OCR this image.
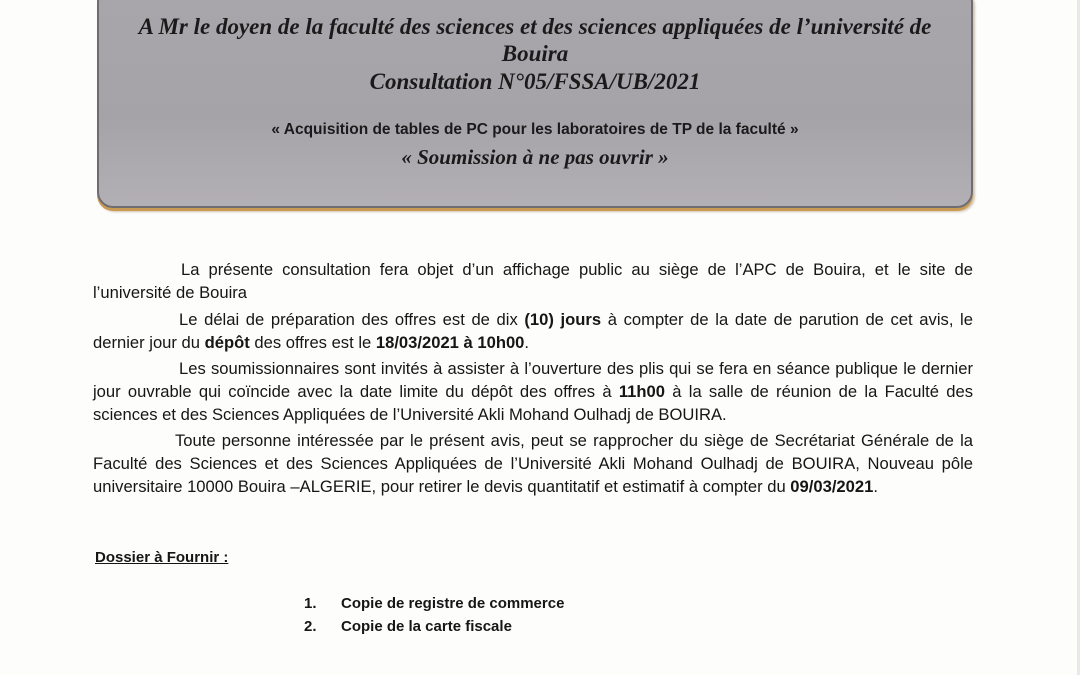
A Mr le doyen de la faculté des sciences et des sciences appliquées de l’université de
Bouira
Consultation N°05/FSSA/UB/2021
« Acquisition de tables de PC pour les laboratoires de TP de la faculté »
« Soumission à ne pas ouvrir »
La présente consultation fera objet d’un affichage public au siège de l’APC de Bouira, et le site de l’université de Bouira
Le délai de préparation des offres est de dix (10) jours à compter de la date de parution de cet avis, le dernier jour du dépôt des offres est le 18/03/2021 à 10h00.
Les soumissionnaires sont invités à assister à l’ouverture des plis qui se fera en séance publique le dernier jour ouvrable qui coïncide avec la date limite du dépôt des offres à 11h00 à la salle de réunion de la Faculté des sciences et des Sciences Appliquées de l’Université Akli Mohand Oulhadj de BOUIRA.
Toute personne intéressée par le présent avis, peut se rapprocher du siège de Secrétariat Générale de la Faculté des Sciences et des Sciences Appliquées de l’Université Akli Mohand Oulhadj de BOUIRA, Nouveau pôle universitaire 10000 Bouira –ALGERIE, pour retirer le devis quantitatif et estimatif à compter du 09/03/2021.
Dossier à Fournir :
1. Copie de registre de commerce
2. Copie de la carte fiscale
